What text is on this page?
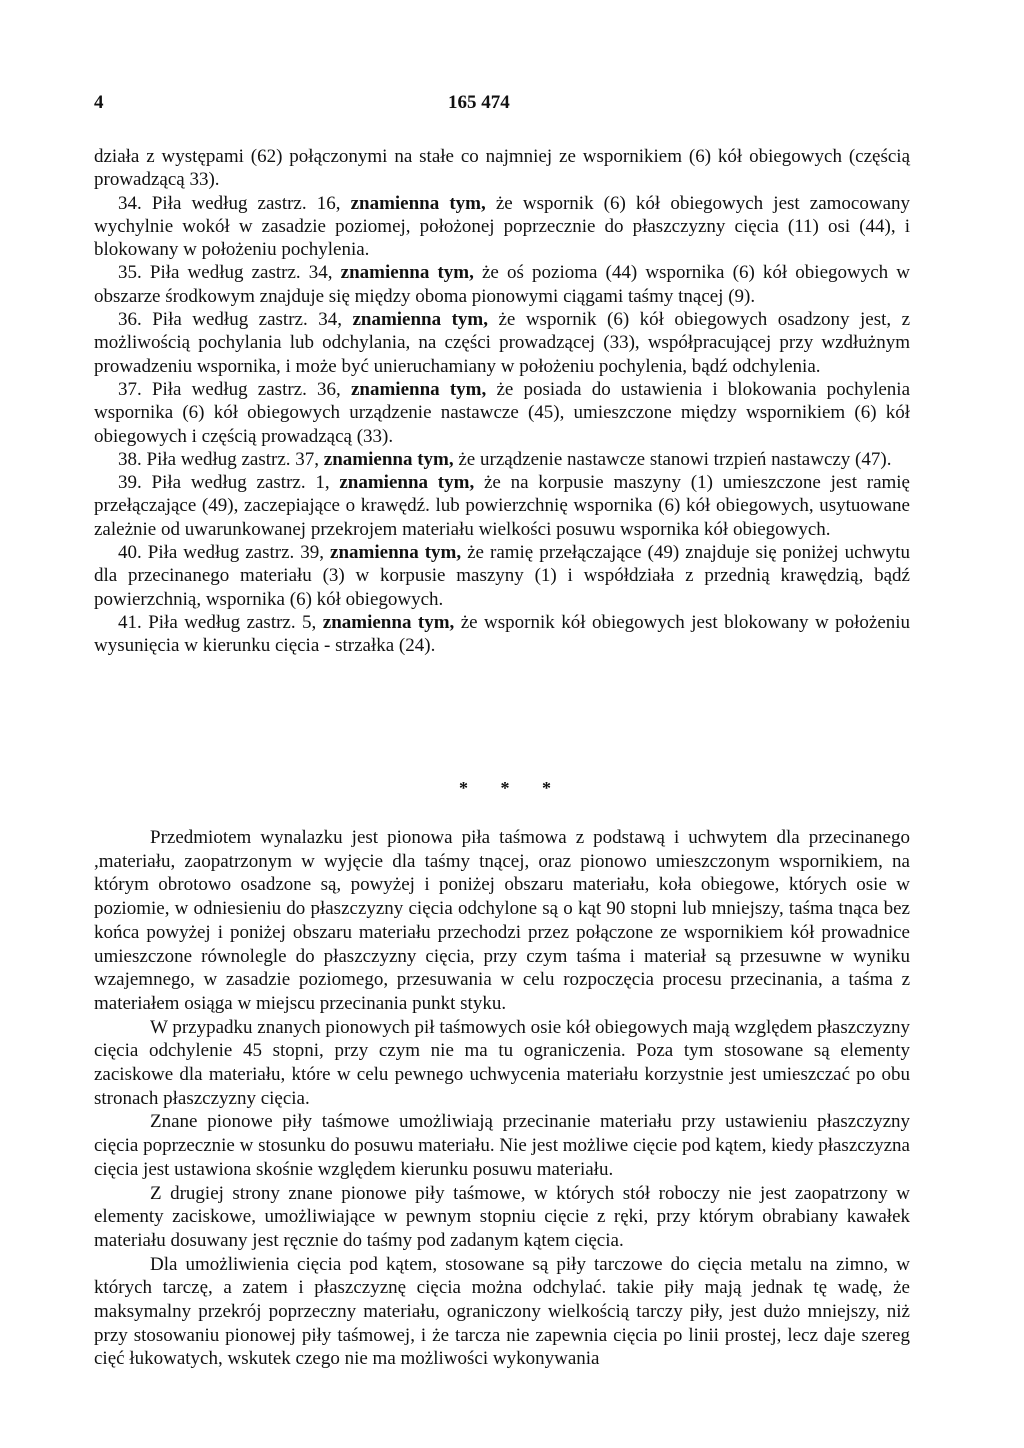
4	165 474

działa z występami (62) połączonymi na stałe co najmniej ze wspornikiem (6) kół obiegowych (częścią prowadzącą 33).

34. Piła według zastrz. 16, znamienna tym, że wspornik (6) kół obiegowych jest zamocowany wychylnie wokół w zasadzie poziomej, położonej poprzecznie do płaszczyzny cięcia (11) osi (44), i blokowany w położeniu pochylenia.

35. Piła według zastrz. 34, znamienna tym, że oś pozioma (44) wspornika (6) kół obiegowych w obszarze środkowym znajduje się między oboma pionowymi ciągami taśmy tnącej (9).

36. Piła według zastrz. 34, znamienna tym, że wspornik (6) kół obiegowych osadzony jest, z możliwością pochylania lub odchylania, na części prowadzącej (33), współpracującej przy wzdłużnym prowadzeniu wspornika, i może być unieruchamiany w położeniu pochylenia, bądź odchylenia.

37. Piła według zastrz. 36, znamienna tym, że posiada do ustawienia i blokowania pochylenia wspornika (6) kół obiegowych urządzenie nastawcze (45), umieszczone między wspornikiem (6) kół obiegowych i częścią prowadzącą (33).

38. Piła według zastrz. 37, znamienna tym, że urządzenie nastawcze stanowi trzpień nastawczy (47).

39. Piła według zastrz. 1, znamienna tym, że na korpusie maszyny (1) umieszczone jest ramię przełączające (49), zaczepiające o krawędź. lub powierzchnię wspornika (6) kół obiegowych, usytuowane zależnie od uwarunkowanej przekrojem materiału wielkości posuwu wspornika kół obiegowych.

40. Piła według zastrz. 39, znamienna tym, że ramię przełączające (49) znajduje się poniżej uchwytu dla przecinanego materiału (3) w korpusie maszyny (1) i współdziała z przednią krawędzią, bądź powierzchnią, wspornika (6) kół obiegowych.

41. Piła według zastrz. 5, znamienna tym, że wspornik kół obiegowych jest blokowany w położeniu wysunięcia w kierunku cięcia - strzałka (24).

* * *

Przedmiotem wynalazku jest pionowa piła taśmowa z podstawą i uchwytem dla przecinanego ,materiału, zaopatrzonym w wyjęcie dla taśmy tnącej, oraz pionowo umieszczonym wspornikiem, na którym obrotowo osadzone są, powyżej i poniżej obszaru materiału, koła obiegowe, których osie w poziomie, w odniesieniu do płaszczyzny cięcia odchylone są o kąt 90 stopni lub mniejszy, taśma tnąca bez końca powyżej i poniżej obszaru materiału przechodzi przez połączone ze wspornikiem kół prowadnice umieszczone równolegle do płaszczyzny cięcia, przy czym taśma i materiał są przesuwne w wyniku wzajemnego, w zasadzie poziomego, przesuwania w celu rozpoczęcia procesu przecinania, a taśma z materiałem osiąga w miejscu przecinania punkt styku.

W przypadku znanych pionowych pił taśmowych osie kół obiegowych mają względem płaszczyzny cięcia odchylenie 45 stopni, przy czym nie ma tu ograniczenia. Poza tym stosowane są elementy zaciskowe dla materiału, które w celu pewnego uchwycenia materiału korzystnie jest umieszczać po obu stronach płaszczyzny cięcia.

Znane pionowe piły taśmowe umożliwiają przecinanie materiału przy ustawieniu płaszczyzny cięcia poprzecznie w stosunku do posuwu materiału. Nie jest możliwe cięcie pod kątem, kiedy płaszczyzna cięcia jest ustawiona skośnie względem kierunku posuwu materiału.

Z drugiej strony znane pionowe piły taśmowe, w których stół roboczy nie jest zaopatrzony w elementy zaciskowe, umożliwiające w pewnym stopniu cięcie z ręki, przy którym obrabiany kawałek materiału dosuwany jest ręcznie do taśmy pod zadanym kątem cięcia.

Dla umożliwienia cięcia pod kątem, stosowane są piły tarczowe do cięcia metalu na zimno, w których tarczę, a zatem i płaszczyznę cięcia można odchylać. takie piły mają jednak tę wadę, że maksymalny przekrój poprzeczny materiału, ograniczony wielkością tarczy piły, jest dużo mniejszy, niż przy stosowaniu pionowej piły taśmowej, i że tarcza nie zapewnia cięcia po linii prostej, lecz daje szereg cięć łukowatych, wskutek czego nie ma możliwości wykonywania
